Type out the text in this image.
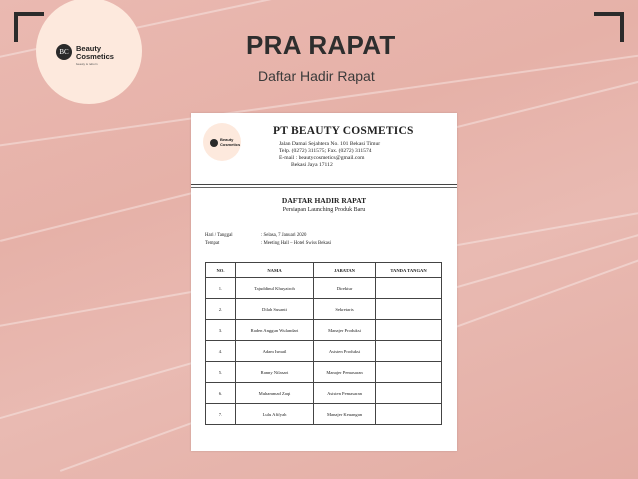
BC Beauty
Cosmetics
beauty is reborn
PRA RAPAT
Daftar Hadir Rapat
Beauty
Cosmetics
PT BEAUTY COSMETICS
Jalan Damai Sejahtera No. 101 Bekasi Timur
Telp. (0272) 311575; Fax. (0272) 311574
E-mail : beautycosmetics@gmail.com
Bekasi Jaya 17112
DAFTAR HADIR RAPAT
Persiapan Launching Produk Baru
Hari / Tanggal	: Selasa, 7 Januari 2020
Tempat	: Meeting Hall – Hotel Swiss Bekasi
NO.	NAMA	JABATAN	TANDA TANGAN
1.	Tajuddinul Khuyairoh	Direktur	
2.	Dilah Susanti	Sekretaris	
3.	Raden Anggun Wulandari	Manajer Produksi	
4.	Adam Ismail	Asisten Produksi	
5.	Ranny Nilasari	Manajer Pemasaran	
6.	Muhammad Zaqi	Asisten Pemasaran	
7.	Lulu Afifyah	Manajer Keuangan	
